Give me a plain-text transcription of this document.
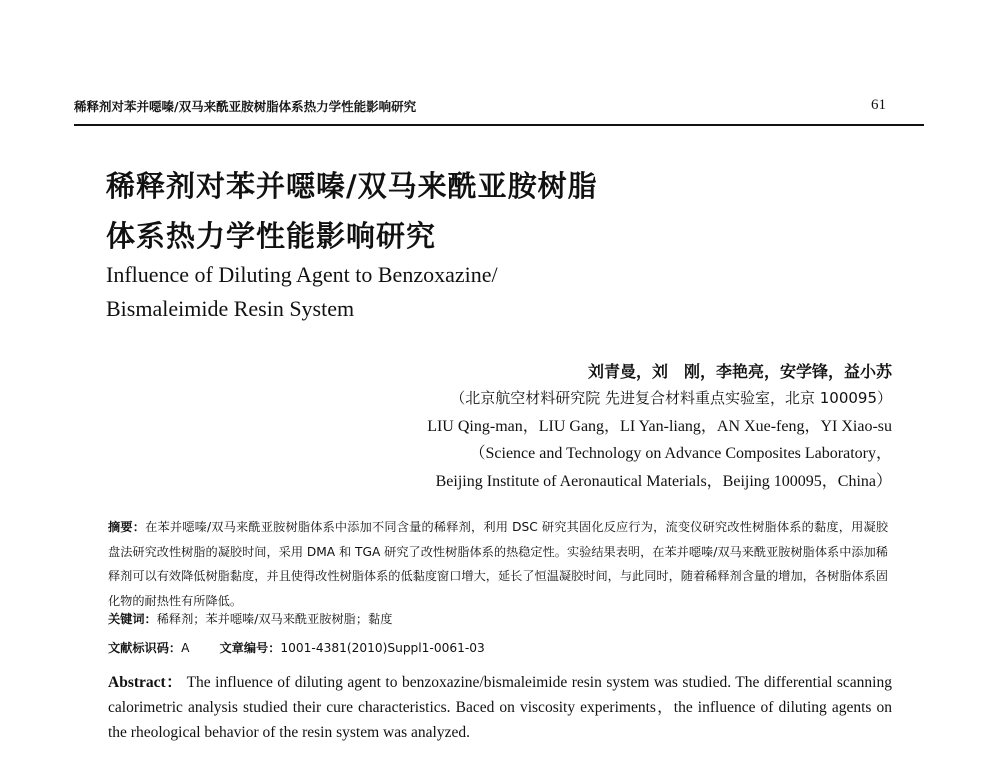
稀释剂对苯并噁嗪/双马来酰亚胺树脂体系热力学性能影响研究	61
稀释剂对苯并噁嗪/双马来酰亚胺树脂
体系热力学性能影响研究
Influence of Diluting Agent to Benzoxazine/
Bismaleimide Resin System
刘青曼，刘　刚，李艳亮，安学锋，益小苏
（北京航空材料研究院 先进复合材料重点实验室，北京 100095）
LIU Qing-man，LIU Gang，LI Yan-liang，AN Xue-feng，YI Xiao-su
（Science and Technology on Advance Composites Laboratory，
Beijing Institute of Aeronautical Materials，Beijing 100095，China）
摘要：在苯并噁嗪/双马来酰亚胺树脂体系中添加不同含量的稀释剂，利用 DSC 研究其固化反应行为，流变仪研究改性树脂体系的黏度，用凝胶盘法研究改性树脂的凝胶时间，采用 DMA 和 TGA 研究了改性树脂体系的热稳定性。实验结果表明，在苯并噁嗪/双马来酰亚胺树脂体系中添加稀释剂可以有效降低树脂黏度，并且使得改性树脂体系的低黏度窗口增大，延长了恒温凝胶时间，与此同时，随着稀释剂含量的增加，各树脂体系固化物的耐热性有所降低。
关键词：稀释剂；苯并噁嗪/双马来酰亚胺树脂；黏度
文献标识码：A 文章编号：1001-4381(2010)Suppl1-0061-03
Abstract： The influence of diluting agent to benzoxazine/bismaleimide resin system was studied. The differential scanning calorimetric analysis studied their cure characteristics. Baced on viscosity experiments，the influence of diluting agents on the rheological behavior of the resin system was analyzed.
